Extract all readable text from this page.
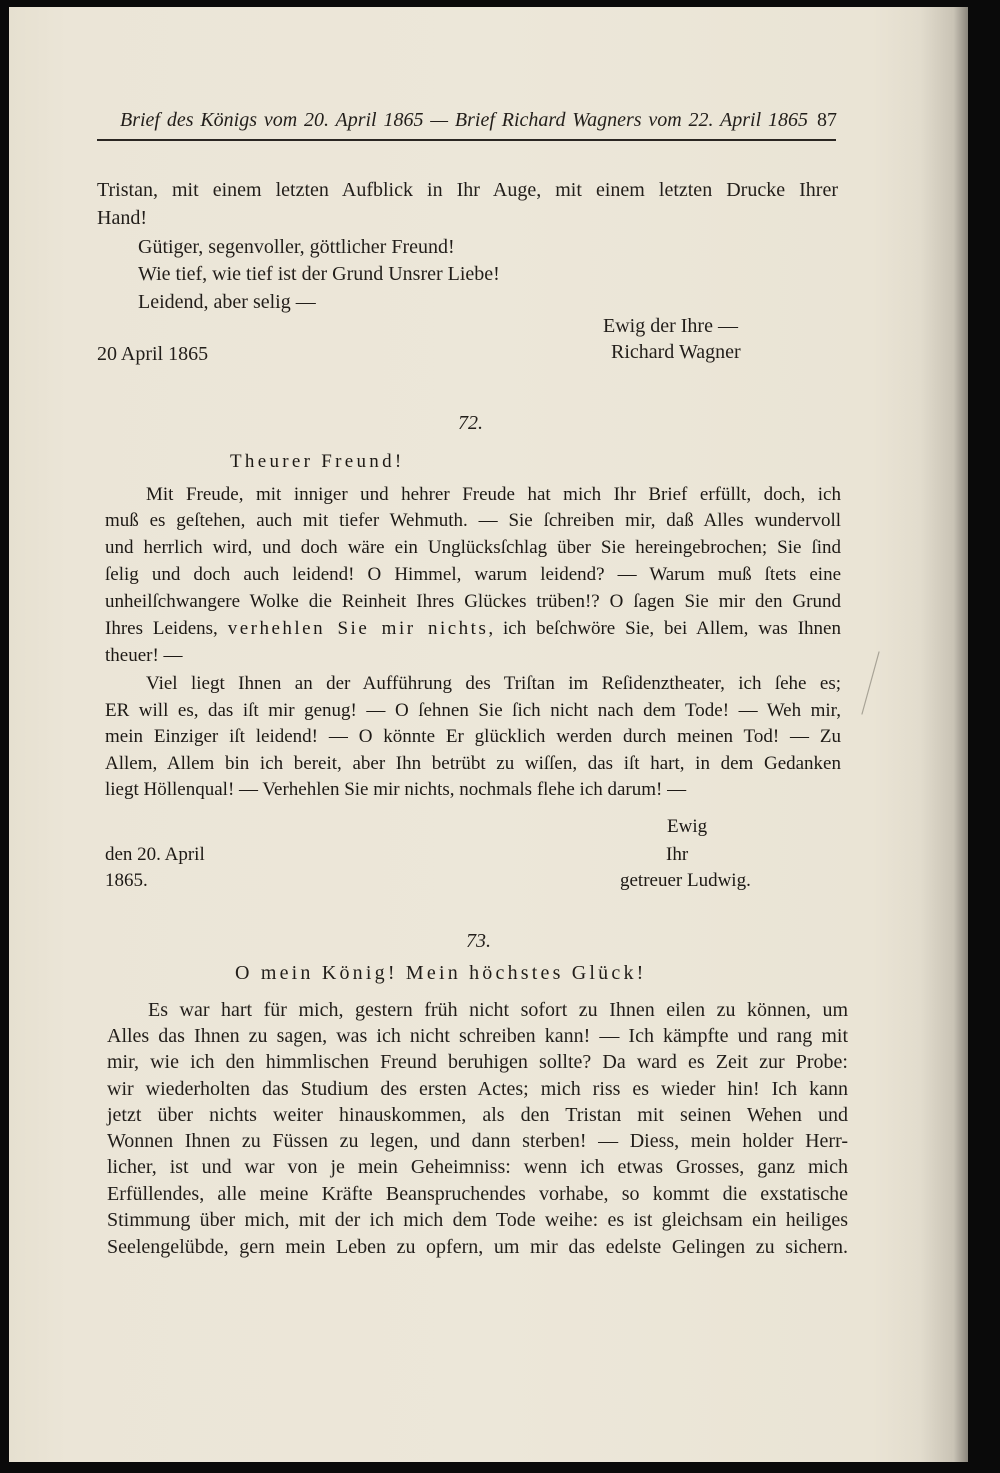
Brief des Königs vom 20. April 1865 — Brief Richard Wagners vom 22. April 1865 87
Tristan, mit einem letzten Aufblick in Ihr Auge, mit einem letzten Drucke Ihrer
Hand!
Gütiger, segenvoller, göttlicher Freund!
Wie tief, wie tief ist der Grund Unsrer Liebe!
Leidend, aber selig —
Ewig der Ihre —
20 April 1865	Richard Wagner
72.
Theurer Freund!
Mit Freude, mit inniger und hehrer Freude hat mich Ihr Brief erfüllt, doch, ich
muß es geſtehen, auch mit tiefer Wehmuth. — Sie ſchreiben mir, daß Alles wundervoll
und herrlich wird, und doch wäre ein Unglücksſchlag über Sie hereingebrochen; Sie ſind
ſelig und doch auch leidend! O Himmel, warum leidend? — Warum muß ſtets eine
unheilſchwangere Wolke die Reinheit Ihres Glückes trüben!? O ſagen Sie mir den Grund
Ihres Leidens, verhehlen Sie mir nichts, ich beſchwöre Sie, bei Allem, was Ihnen
theuer! —
Viel liegt Ihnen an der Aufführung des Triſtan im Reſidenztheater, ich ſehe es;
ER will es, das iſt mir genug! — O ſehnen Sie ſich nicht nach dem Tode! — Weh mir,
mein Einziger iſt leidend! — O könnte Er glücklich werden durch meinen Tod! — Zu
Allem, Allem bin ich bereit, aber Ihn betrübt zu wiſſen, das iſt hart, in dem Gedanken
liegt Höllenqual! — Verhehlen Sie mir nichts, nochmals flehe ich darum! —
Ewig
den 20. April	Ihr
1865.	getreuer Ludwig.
73.
O mein König! Mein höchstes Glück!
Es war hart für mich, gestern früh nicht sofort zu Ihnen eilen zu können, um
Alles das Ihnen zu sagen, was ich nicht schreiben kann! — Ich kämpfte und rang mit
mir, wie ich den himmlischen Freund beruhigen sollte? Da ward es Zeit zur Probe:
wir wiederholten das Studium des ersten Actes; mich riss es wieder hin! Ich kann
jetzt über nichts weiter hinauskommen, als den Tristan mit seinen Wehen und
Wonnen Ihnen zu Füssen zu legen, und dann sterben! — Diess, mein holder Herr-
licher, ist und war von je mein Geheimniss: wenn ich etwas Grosses, ganz mich
Erfüllendes, alle meine Kräfte Beanspruchendes vorhabe, so kommt die exstatische
Stimmung über mich, mit der ich mich dem Tode weihe: es ist gleichsam ein heiliges
Seelengelübde, gern mein Leben zu opfern, um mir das edelste Gelingen zu sichern.
